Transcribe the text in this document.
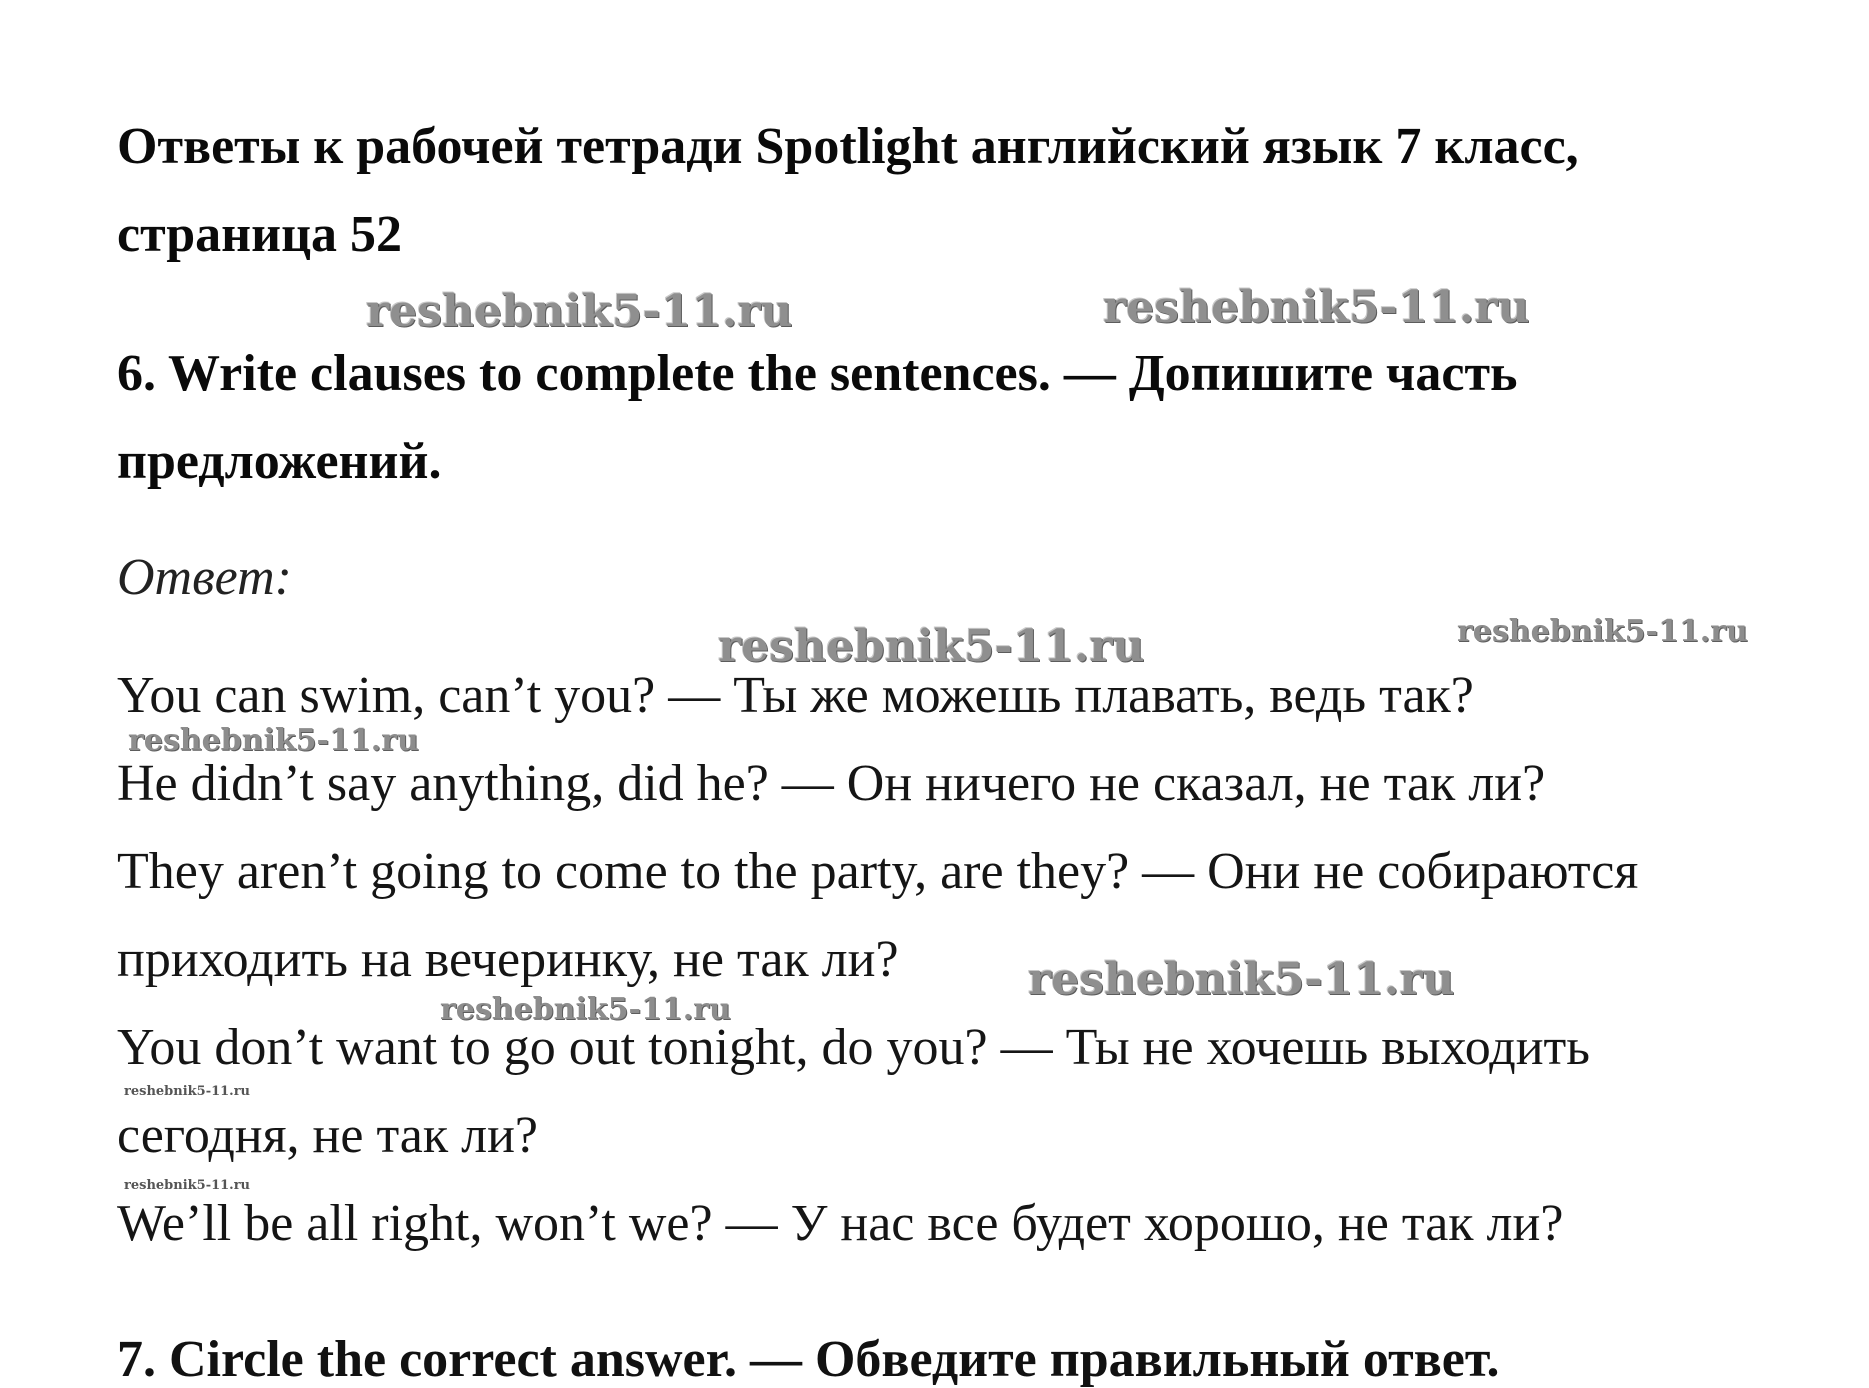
Ответы к рабочей тетради Spotlight английский язык 7 класс,
страница 52
reshebnik5-11.ru	reshebnik5-11.ru
6. Write clauses to complete the sentences. — Допишите часть
предложений.
Ответ:
reshebnik5-11.ru	reshebnik5-11.ru
You can swim, can’t you? — Ты же можешь плавать, ведь так?
reshebnik5-11.ru
He didn’t say anything, did he? — Он ничего не сказал, не так ли?
They aren’t going to come to the party, are they? — Они не собираются
приходить на вечеринку, не так ли?	reshebnik5-11.ru
reshebnik5-11.ru
You don’t want to go out tonight, do you? — Ты не хочешь выходить
reshebnik5-11.ru
сегодня, не так ли?
reshebnik5-11.ru
We’ll be all right, won’t we? — У нас все будет хорошо, не так ли?
7. Circle the correct answer. — Обведите правильный ответ.
